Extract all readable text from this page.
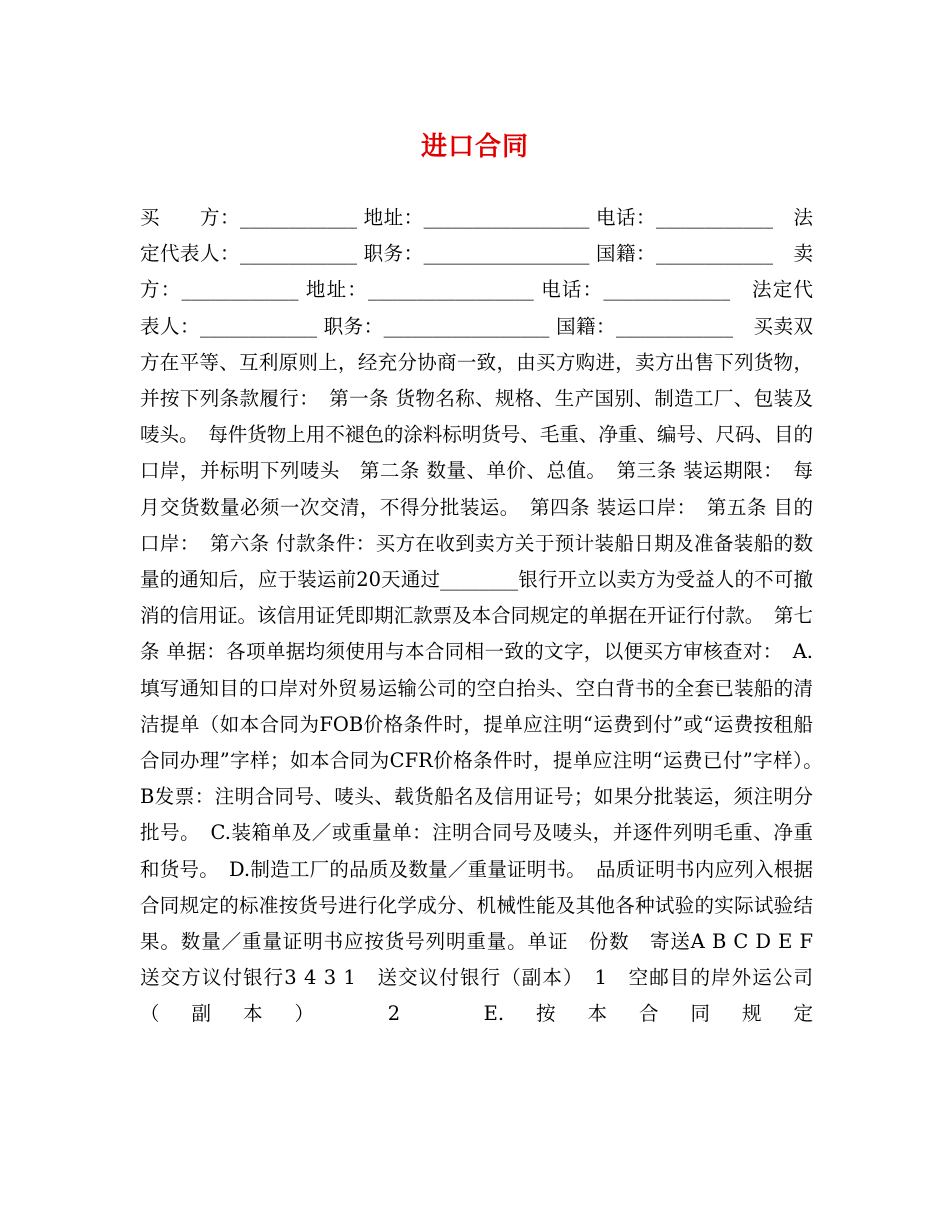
进口合同

买　　方：____________ 地址：_________________ 电话：____________　法定代表人：____________ 职务：_________________ 国籍：____________　卖　　方：____________ 地址：_________________ 电话：_____________　法定代表人：____________ 职务：_________________ 国籍：____________　买卖双方在平等、互利原则上，经充分协商一致，由买方购进，卖方出售下列货物，并按下列条款履行：　第一条 货物名称、规格、生产国别、制造工厂、包装及唛头。　每件货物上用不褪色的涂料标明货号、毛重、净重、编号、尺码、目的口岸，并标明下列唛头　第二条 数量、单价、总值。　第三条 装运期限：　每月交货数量必须一次交清，不得分批装运。　第四条 装运口岸：　第五条 目的口岸：　第六条 付款条件：买方在收到卖方关于预计装船日期及准备装船的数量的通知后，应于装运前20天通过________银行开立以卖方为受益人的不可撤消的信用证。该信用证凭即期汇款票及本合同规定的单据在开证行付款。　第七条 单据：各项单据均须使用与本合同相一致的文字，以便买方审核查对：　A.填写通知目的口岸对外贸易运输公司的空白抬头、空白背书的全套已装船的清洁提单（如本合同为FOB价格条件时，提单应注明“运费到付”或“运费按租船合同办理”字样；如本合同为CFR价格条件时，提单应注明“运费已付”字样）。　B发票：注明合同号、唛头、载货船名及信用证号；如果分批装运，须注明分批号。　C.装箱单及／或重量单：注明合同号及唛头，并逐件列明毛重、净重和货号。　D.制造工厂的品质及数量／重量证明书。　品质证明书内应列入根据合同规定的标准按货号进行化学成分、机械性能及其他各种试验的实际试验结果。数量／重量证明书应按货号列明重量。单证　份数　寄送A B C D E F　送交方议付银行3 4 3 1　送交议付银行（副本）　1　空邮目的岸外运公司（副本）　2　E.按本合同规定
